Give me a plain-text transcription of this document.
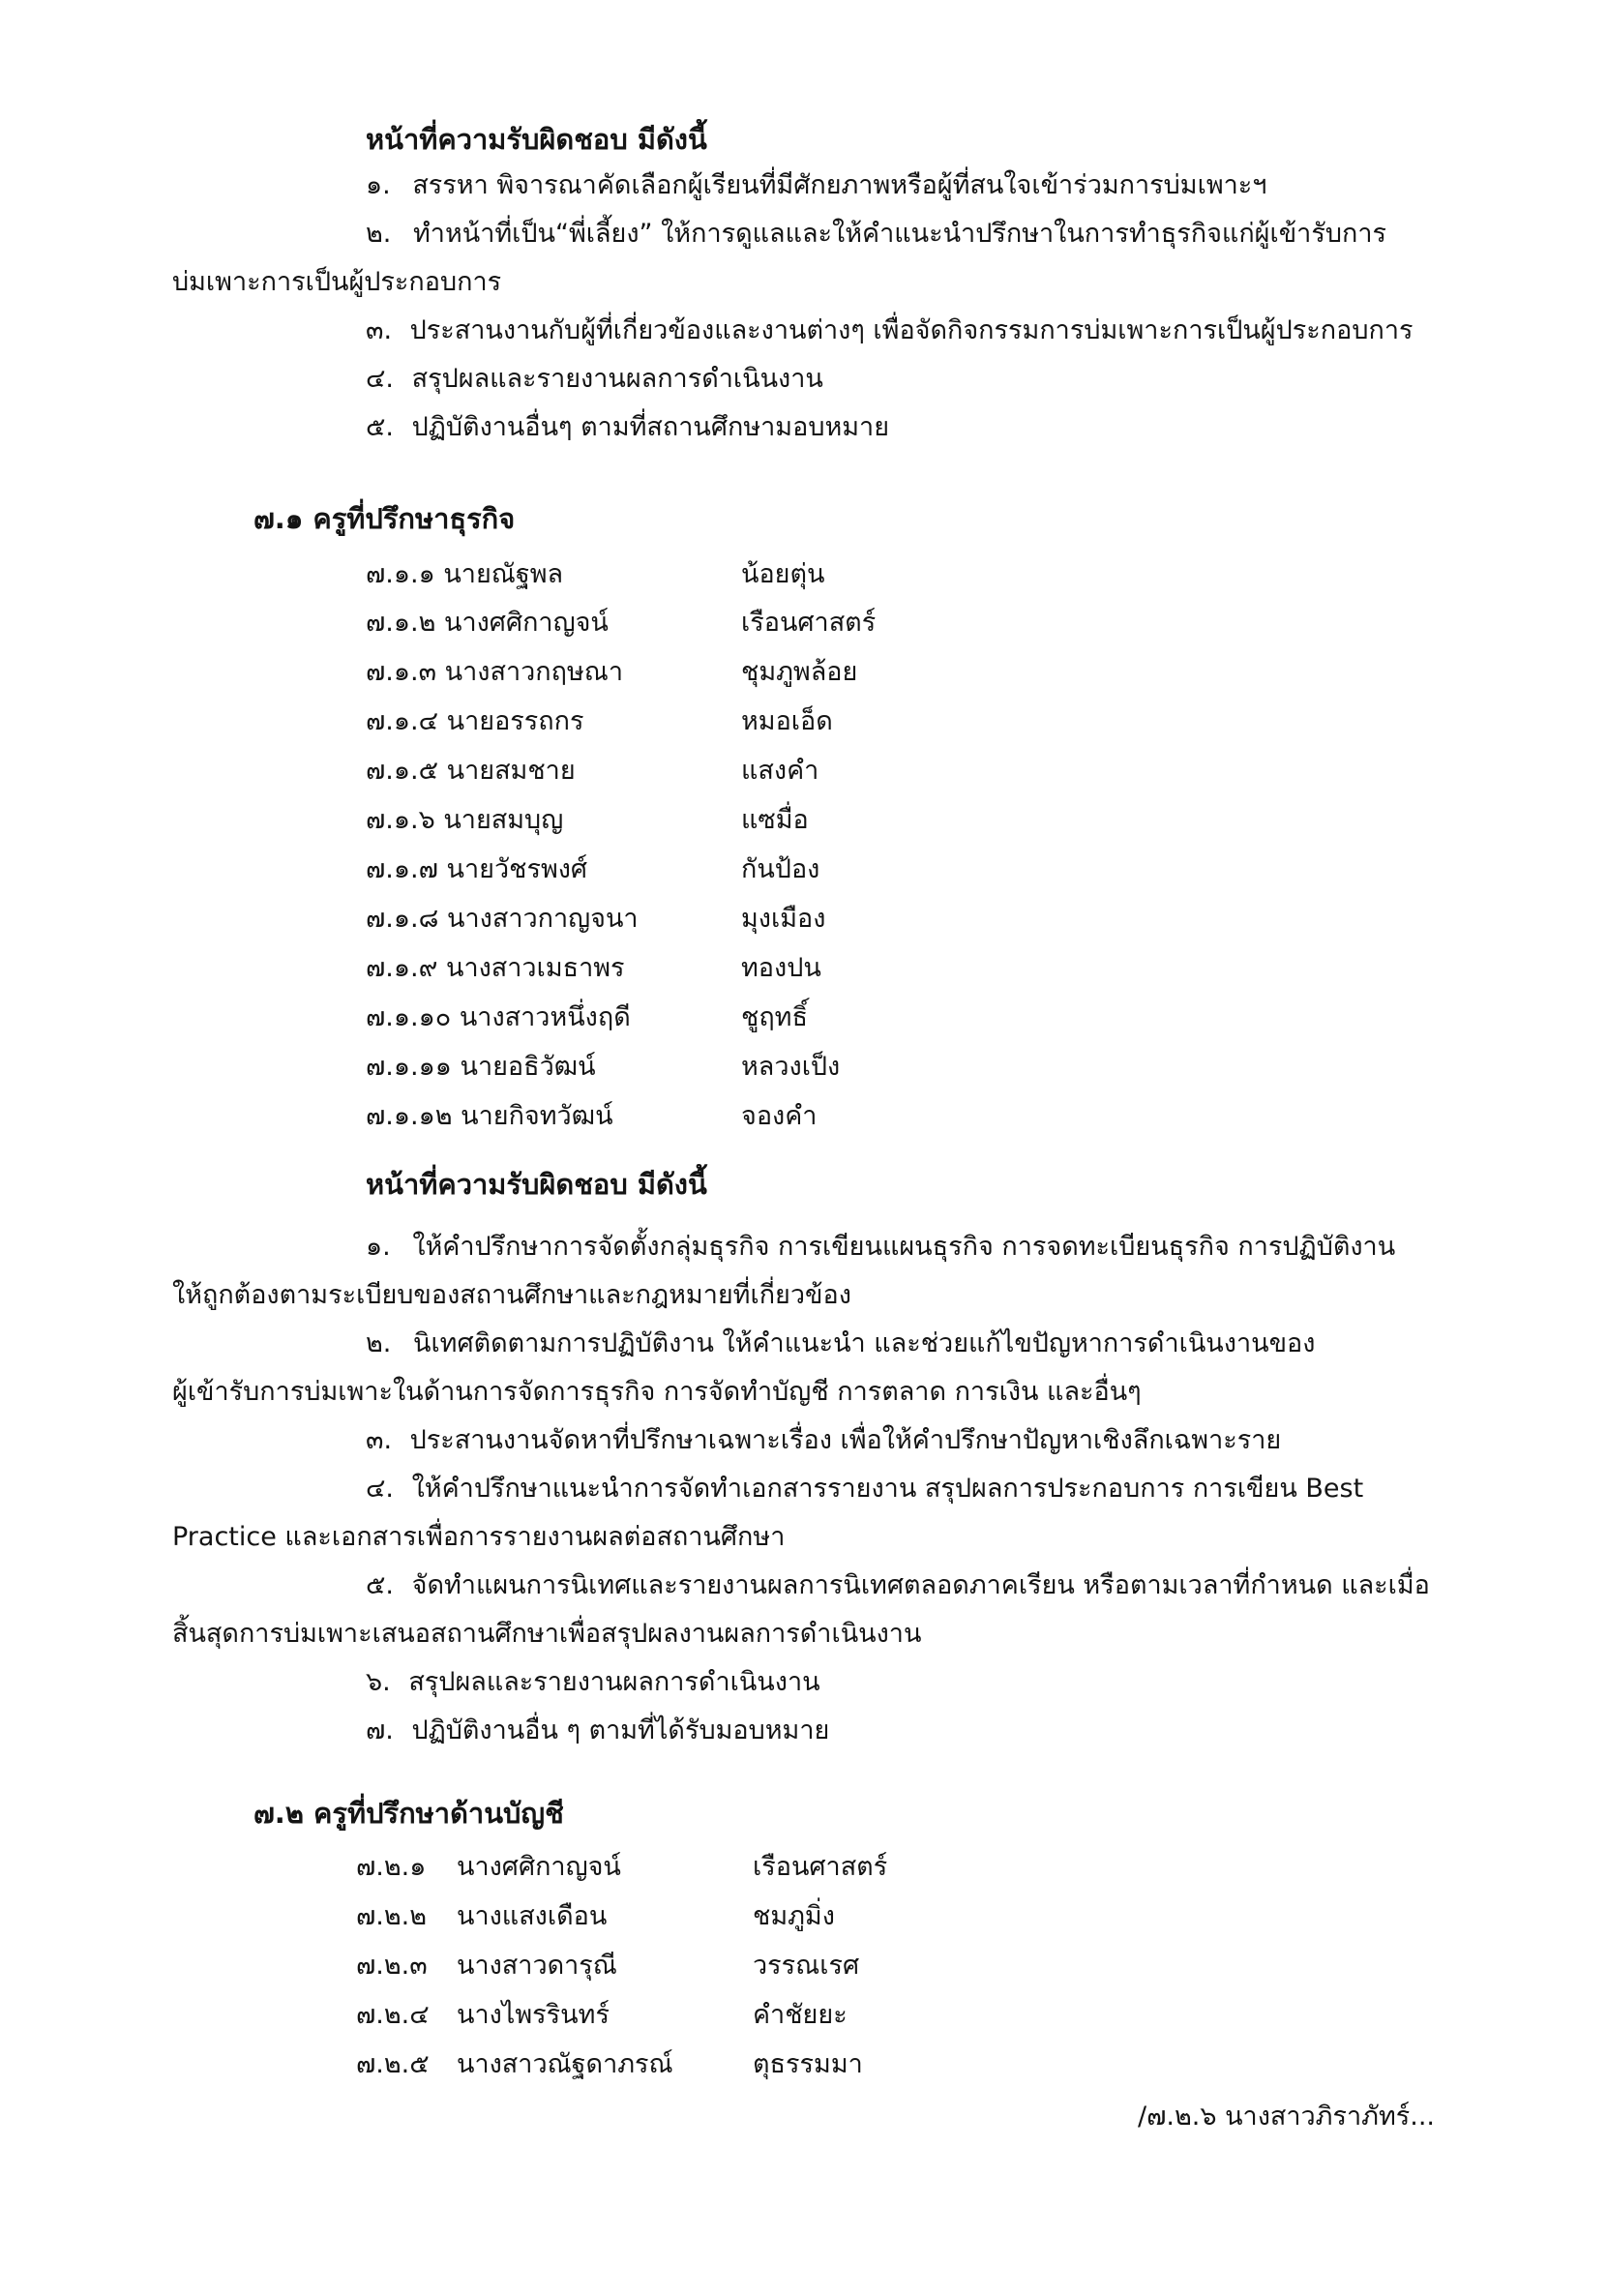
หน้าที่ความรับผิดชอบ มีดังนี้
๑. สรรหา พิจารณาคัดเลือกผู้เรียนที่มีศักยภาพหรือผู้ที่สนใจเข้าร่วมการบ่มเพาะฯ
๒. ทำหน้าที่เป็น“พี่เลี้ยง” ให้การดูแลและให้คำแนะนำปรึกษาในการทำธุรกิจแก่ผู้เข้ารับการ
บ่มเพาะการเป็นผู้ประกอบการ
๓. ประสานงานกับผู้ที่เกี่ยวข้องและงานต่างๆ เพื่อจัดกิจกรรมการบ่มเพาะการเป็นผู้ประกอบการ
๔. สรุปผลและรายงานผลการดำเนินงาน
๕. ปฏิบัติงานอื่นๆ ตามที่สถานศึกษามอบหมาย
๗.๑ ครูที่ปรึกษาธุรกิจ
๗.๑.๑ นายณัฐพล	น้อยตุ่น
๗.๑.๒ นางศศิกาญจน์	เรือนศาสตร์
๗.๑.๓ นางสาวกฤษณา	ชุมภูพล้อย
๗.๑.๔ นายอรรถกร	หมอเอ็ด
๗.๑.๕ นายสมชาย	แสงคำ
๗.๑.๖ นายสมบุญ	แซมื่อ
๗.๑.๗ นายวัชรพงศ์	กันป้อง
๗.๑.๘ นางสาวกาญจนา	มุงเมือง
๗.๑.๙ นางสาวเมธาพร	ทองปน
๗.๑.๑๐ นางสาวหนึ่งฤดี	ชูฤทธิ์
๗.๑.๑๑ นายอธิวัฒน์	หลวงเป็ง
๗.๑.๑๒ นายกิจทวัฒน์	จองคำ
หน้าที่ความรับผิดชอบ มีดังนี้
๑. ให้คำปรึกษาการจัดตั้งกลุ่มธุรกิจ การเขียนแผนธุรกิจ การจดทะเบียนธุรกิจ การปฏิบัติงาน
ให้ถูกต้องตามระเบียบของสถานศึกษาและกฎหมายที่เกี่ยวข้อง
๒. นิเทศติดตามการปฏิบัติงาน ให้คำแนะนำ และช่วยแก้ไขปัญหาการดำเนินงานของ
ผู้เข้ารับการบ่มเพาะในด้านการจัดการธุรกิจ การจัดทำบัญชี การตลาด การเงิน และอื่นๆ
๓. ประสานงานจัดหาที่ปรึกษาเฉพาะเรื่อง เพื่อให้คำปรึกษาปัญหาเชิงลึกเฉพาะราย
๔. ให้คำปรึกษาแนะนำการจัดทำเอกสารรายงาน สรุปผลการประกอบการ การเขียน Best
Practice และเอกสารเพื่อการรายงานผลต่อสถานศึกษา
๕. จัดทำแผนการนิเทศและรายงานผลการนิเทศตลอดภาคเรียน หรือตามเวลาที่กำหนด และเมื่อ
สิ้นสุดการบ่มเพาะเสนอสถานศึกษาเพื่อสรุปผลงานผลการดำเนินงาน
๖. สรุปผลและรายงานผลการดำเนินงาน
๗. ปฏิบัติงานอื่น ๆ ตามที่ได้รับมอบหมาย
๗.๒ ครูที่ปรึกษาด้านบัญชี
๗.๒.๑ นางศศิกาญจน์	เรือนศาสตร์
๗.๒.๒ นางแสงเดือน	ชมภูมิ่ง
๗.๒.๓ นางสาวดารุณี	วรรณเรศ
๗.๒.๔ นางไพรรินทร์	คำชัยยะ
๗.๒.๕ นางสาวณัฐดาภรณ์	ตุธรรมมา
/๗.๒.๖ นางสาวภิราภัทร์...
